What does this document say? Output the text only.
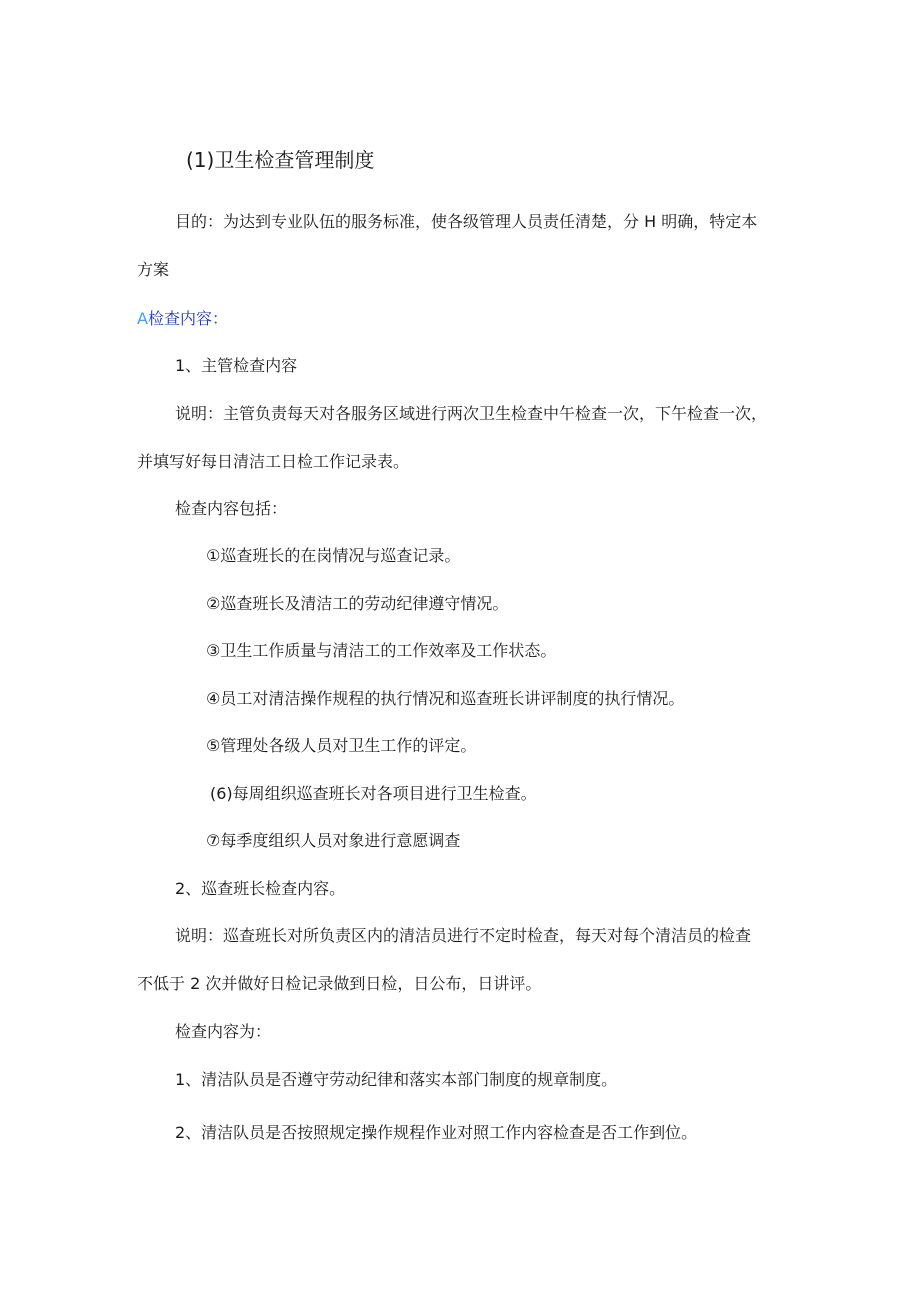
(1)卫生检查管理制度
目的：为达到专业队伍的服务标准，使各级管理人员责任清楚，分 H 明确，特定本
方案
A检查内容：
1、主管检查内容
说明：主管负责每天对各服务区域进行两次卫生检查中午检查一次，下午检查一次，
并填写好每日清洁工日检工作记录表。
检查内容包括：
①巡查班长的在岗情况与巡查记录。
②巡查班长及清洁工的劳动纪律遵守情况。
③卫生工作质量与清洁工的工作效率及工作状态。
④员工对清洁操作规程的执行情况和巡查班长讲评制度的执行情况。
⑤管理处各级人员对卫生工作的评定。
(6)每周组织巡查班长对各项目进行卫生检查。
⑦每季度组织人员对象进行意愿调查
2、巡查班长检查内容。
说明：巡查班长对所负责区内的清洁员进行不定时检查，每天对每个清洁员的检查
不低于 2 次并做好日检记录做到日检，日公布，日讲评。
检查内容为：
1、清洁队员是否遵守劳动纪律和落实本部门制度的规章制度。
2、清洁队员是否按照规定操作规程作业对照工作内容检查是否工作到位。
